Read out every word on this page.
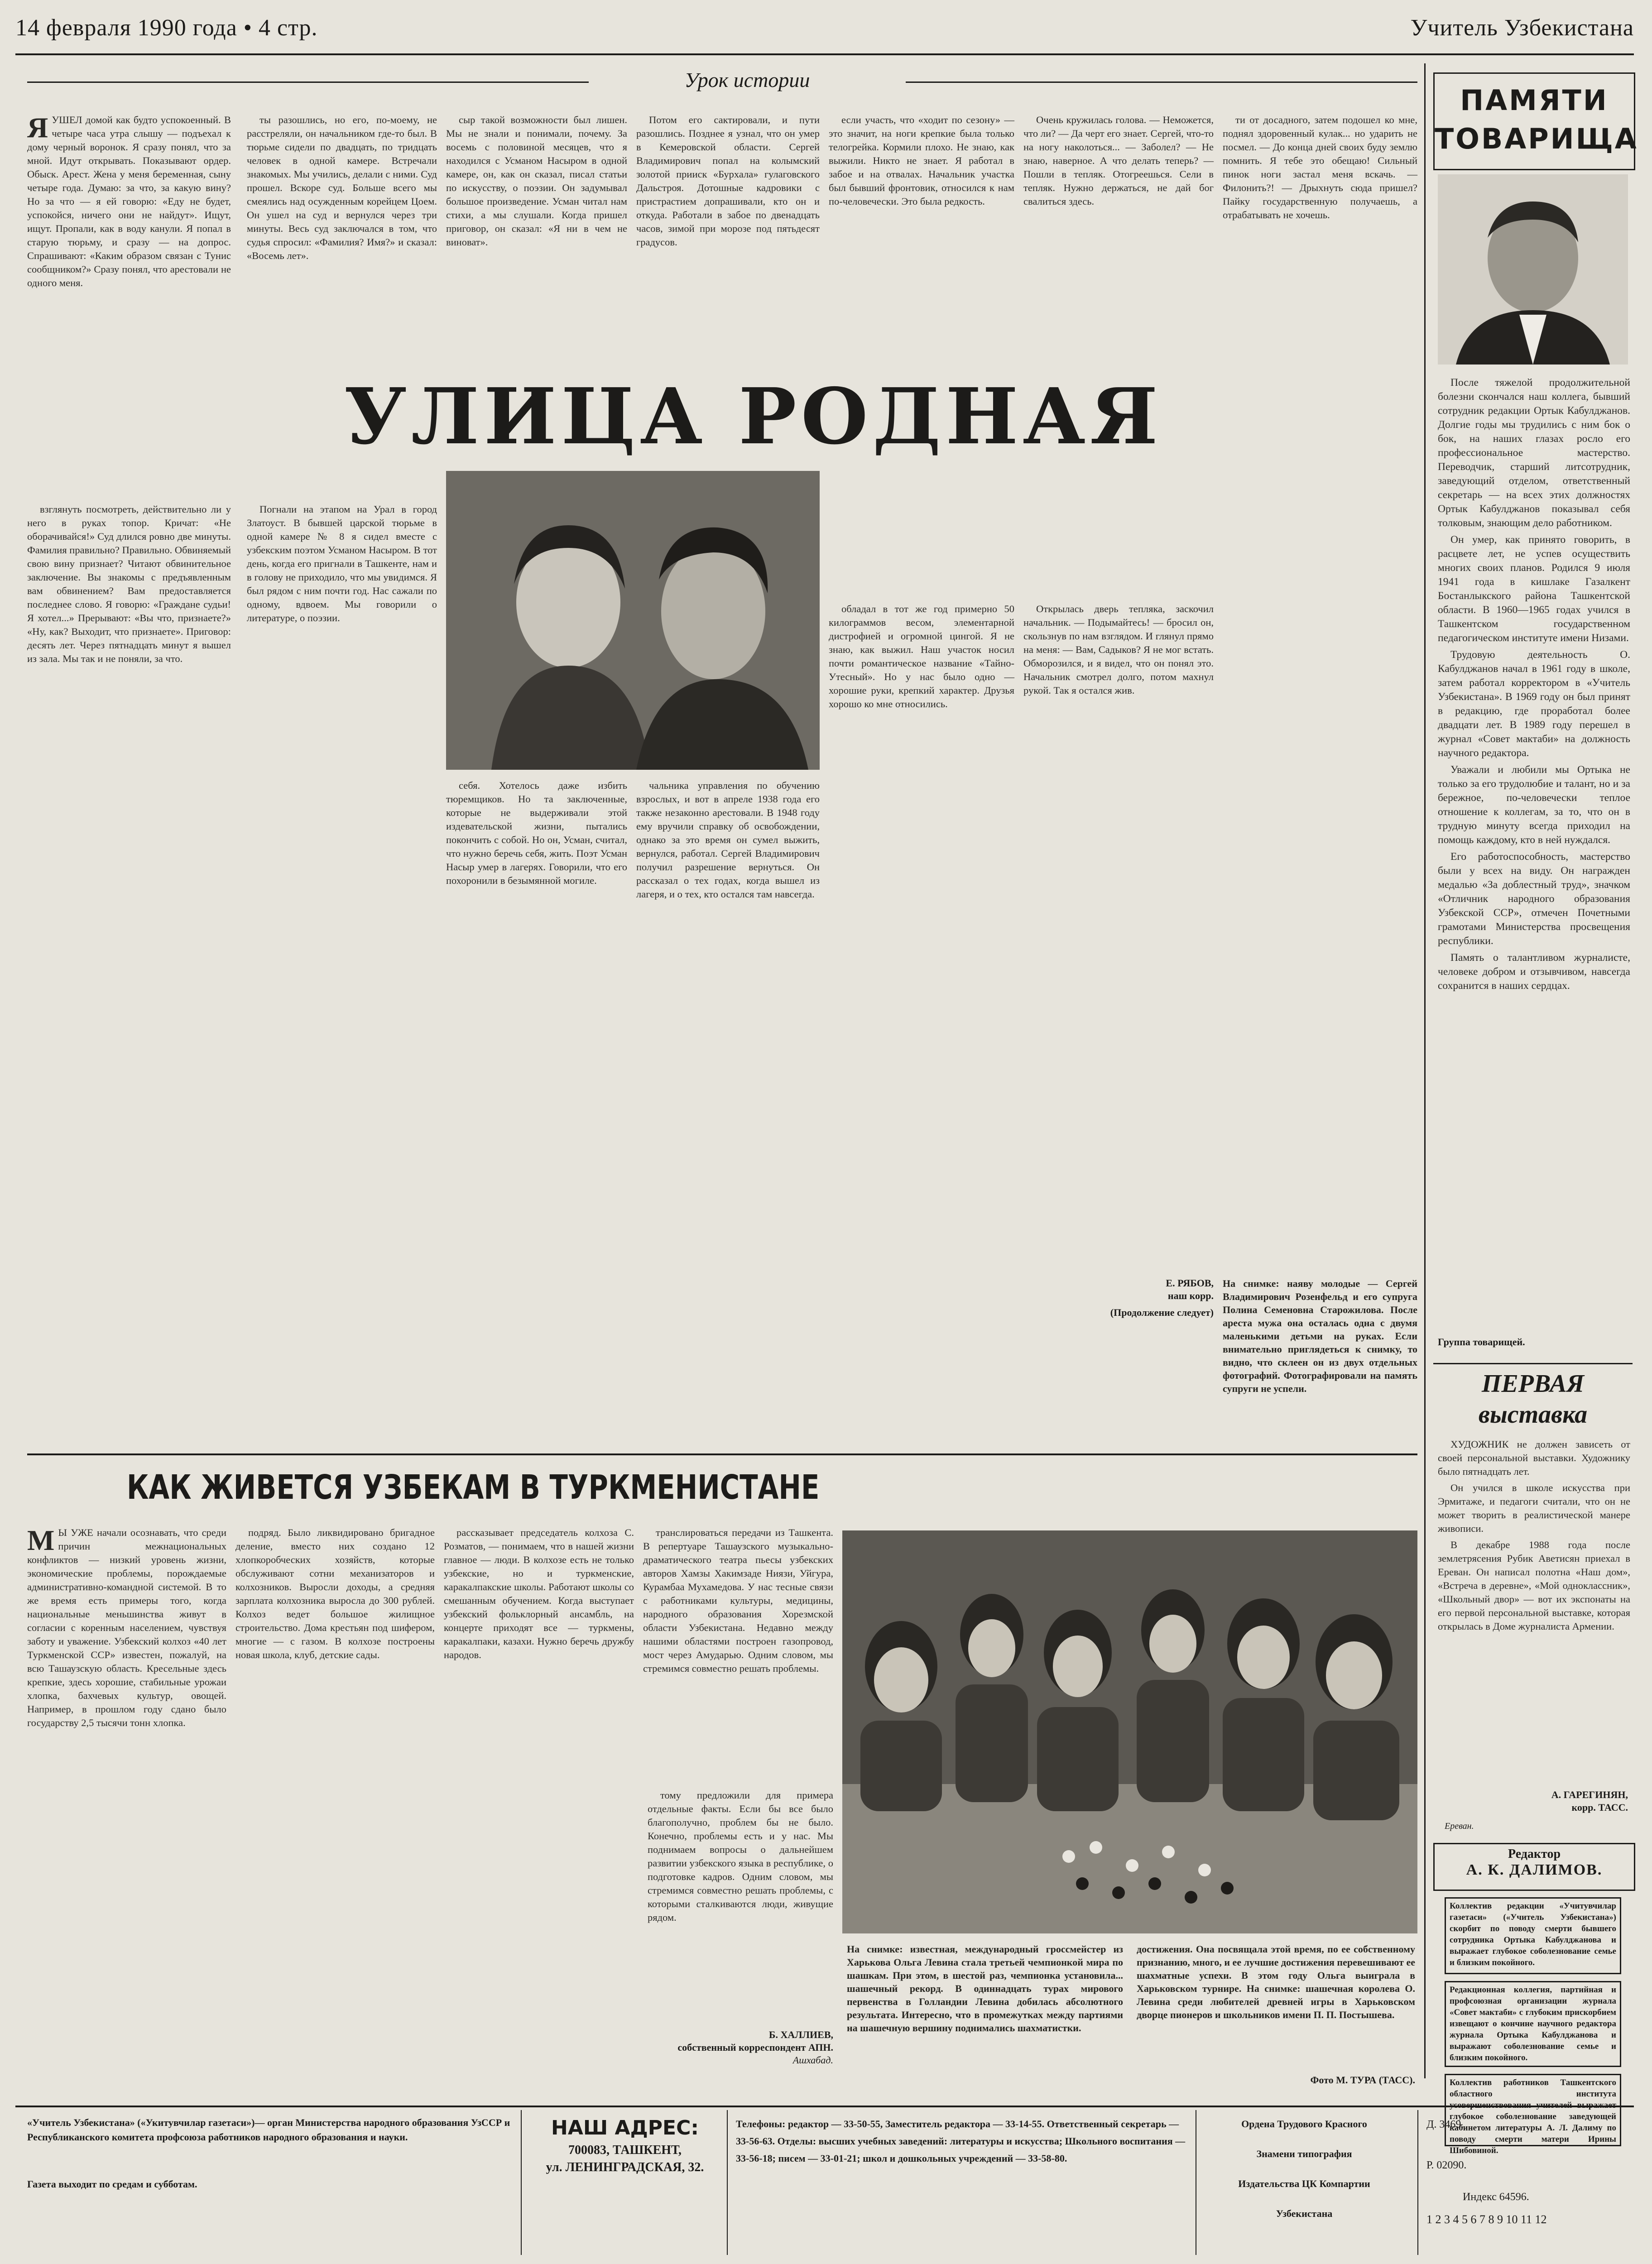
14 февраля 1990 года • 4 стр.	Учитель Узбекистана
Урок истории

ЯУШЕЛ домой как будто успокоенный. В четыре часа утра слышу — подъехал к дому черный воронок. Я сразу понял, что за мной. Идут открывать. Показывают ордер. Обыск. Арест. Жена у меня беременная, сыну четыре года. Думаю: за что, за какую вину? Но за что — я ей говорю: «Еду не будет, успокойся, ничего они не найдут». Ищут, ищут. Пропали, как в воду канули. Я попал в старую тюрьму, и сразу — на допрос. Спрашивают: «Каким образом связан с Тунис сообщником?» Сразу понял, что арестовали не одного меня.

ты разошлись, но его, по-моему, не расстреляли, он начальником где-то был. В тюрьме сидели по двадцать, по тридцать человек в одной камере. Встречали знакомых. Мы учились, делали с ними. Суд прошел. Вскоре суд. Больше всего мы смеялись над осужденным корейцем Цоем. Он ушел на суд и вернулся через три минуты. Весь суд заключался в том, что судья спросил: «Фамилия? Имя?» и сказал: «Восемь лет».

сыр такой возможности был лишен. Мы не знали и понимали, почему. За восемь с половиной месяцев, что я находился с Усманом Насыром в одной камере, он, как он сказал, писал статьи по искусству, о поэзии. Он задумывал большое произведение. Усман читал нам стихи, а мы слушали. Когда пришел приговор, он сказал: «Я ни в чем не виноват».

Потом его сактировали, и пути разошлись. Позднее я узнал, что он умер в Кемеровской области. Сергей Владимирович попал на колымский золотой прииск «Бурхала» гулаговского Дальстроя. Дотошные кадровики с пристрастием допрашивали, кто он и откуда. Работали в забое по двенадцать часов, зимой при морозе под пятьдесят градусов.

если участь, что «ходит по сезону» — это значит, на ноги крепкие была только телогрейка. Кормили плохо. Не знаю, как выжили. Никто не знает. Я работал в забое и на отвалах. Начальник участка был бывший фронтовик, относился к нам по-человечески. Это была редкость.

Очень кружилась голова. — Неможется, что ли? — Да черт его знает. Сергей, что-то на ногу наколоться... — Заболел? — Не знаю, наверное. А что делать теперь? — Пошли в тепляк. Отогреешься. Сели в тепляк. Нужно держаться, не дай бог свалиться здесь.

ти от досадного, затем подошел ко мне, поднял здоровенный кулак... но ударить не посмел. — До конца дней своих буду землю помнить. Я тебе это обещаю! Сильный пинок ноги застал меня вскачь. — Филонить?! — Дрыхнуть сюда пришел? Пайку государственную получаешь, а отрабатывать не хочешь.

УЛИЦА РОДНАЯ

взглянуть посмотреть, действительно ли у него в руках топор. Кричат: «Не оборачивайся!» Суд длился ровно две минуты. Фамилия правильно? Правильно. Обвиняемый свою вину признает? Читают обвинительное заключение. Вы знакомы с предъявленным вам обвинением? Вам предоставляется последнее слово. Я говорю: «Граждане судьи! Я хотел...» Прерывают: «Вы что, признаете?» «Ну, как? Выходит, что признаете». Приговор: десять лет. Через пятнадцать минут я вышел из зала. Мы так и не поняли, за что.

Погнали на этапом на Урал в город Златоуст. В бывшей царской тюрьме в одной камере № 8 я сидел вместе с узбекским поэтом Усманом Насыром. В тот день, когда его пригнали в Ташкенте, нам и в голову не приходило, что мы увидимся. Я был рядом с ним почти год. Нас сажали по одному, вдвоем. Мы говорили о литературе, о поэзии.

себя. Хотелось даже избить тюремщиков. Но та заключенные, которые не выдерживали этой издевательской жизни, пытались покончить с собой. Но он, Усман, считал, что нужно беречь себя, жить. Поэт Усман Насыр умер в лагерях. Говорили, что его похоронили в безымянной могиле.

чальника управления по обучению взрослых, и вот в апреле 1938 года его также незаконно арестовали. В 1948 году ему вручили справку об освобождении, однако за это время он сумел выжить, вернулся, работал. Сергей Владимирович получил разрешение вернуться. Он рассказал о тех годах, когда вышел из лагеря, и о тех, кто остался там навсегда.

обладал в тот же год примерно 50 килограммов весом, элементарной дистрофией и огромной цингой. Я не знаю, как выжил. Наш участок носил почти романтическое название «Тайно-Утесный». Но у нас было одно — хорошие руки, крепкий характер. Друзья хорошо ко мне относились.

Открылась дверь тепляка, заскочил начальник. — Подымайтесь! — бросил он, скользнув по нам взглядом. И глянул прямо на меня: — Вам, Садыков? Я не мог встать. Обморозился, и я видел, что он понял это. Начальник смотрел долго, потом махнул рукой. Так я остался жив.

Е. РЯБОВ,
наш корр.
(Продолжение следует)
На снимке: наяву молодые — Сергей Владимирович Розенфельд и его супруга Полина Семеновна Старожилова. После ареста мужа она осталась одна с двумя маленькими детьми на руках. Если внимательно приглядеться к снимку, то видно, что склеен он из двух отдельных фотографий. Фотографировали на память супруги не успели.
ПАМЯТИ
ТОВАРИЩА

После тяжелой продолжительной болезни скончался наш коллега, бывший сотрудник редакции Ортык Кабулджанов. Долгие годы мы трудились с ним бок о бок, на наших глазах росло его профессиональное мастерство. Переводчик, старший литсотрудник, заведующий отделом, ответственный секретарь — на всех этих должностях Ортык Кабулджанов показывал себя толковым, знающим дело работником.

Он умер, как принято говорить, в расцвете лет, не успев осуществить многих своих планов. Родился 9 июля 1941 года в кишлаке Газалкент Бостанлыкского района Ташкентской области. В 1960—1965 годах учился в Ташкентском государственном педагогическом институте имени Низами.

Трудовую деятельность О. Кабулджанов начал в 1961 году в школе, затем работал корректором в «Учитель Узбекистана». В 1969 году он был принят в редакцию, где проработал более двадцати лет. В 1989 году перешел в журнал «Совет мактаби» на должность научного редактора.

Уважали и любили мы Ортыка не только за его трудолюбие и талант, но и за бережное, по-человечески теплое отношение к коллегам, за то, что он в трудную минуту всегда приходил на помощь каждому, кто в ней нуждался.

Его работоспособность, мастерство были у всех на виду. Он награжден медалью «За доблестный труд», значком «Отличник народного образования Узбекской ССР», отмечен Почетными грамотами Министерства просвещения республики.

Память о талантливом журналисте, человеке добром и отзывчивом, навсегда сохранится в наших сердцах.

Группа товарищей.
ПЕРВАЯ
выставка

ХУДОЖНИК не должен зависеть от своей персональной выставки. Художнику было пятнадцать лет.

Он учился в школе искусства при Эрмитаже, и педагоги считали, что он не может творить в реалистической манере живописи.

В декабре 1988 года после землетрясения Рубик Аветисян приехал в Ереван. Он написал полотна «Наш дом», «Встреча в деревне», «Мой одноклассник», «Школьный двор» — вот их экспонаты на его первой персональной выставке, которая открылась в Доме журналиста Армении.

А. ГАРЕГИНЯН,
корр. ТАСС.
Ереван.
Редактор
А. К. ДАЛИМОВ.
Коллектив редакции «Учитувчилар газетаси» («Учитель Узбекистана») скорбит по поводу смерти бывшего сотрудника Ортыка Кабулджанова и выражает глубокое соболезнование семье и близким покойного.
Редакционная коллегия, партийная и профсоюзная организации журнала «Совет мактаби» с глубоким прискорбием извещают о кончине научного редактора журнала Ортыка Кабулджанова и выражают соболезнование семье и близким покойного.
Коллектив работников Ташкентского областного института глубокое соболезнование заведующей кабинетом литературы А. Л. Далиму по поводу смерти матери Ирины Шибовиной.
КАК ЖИВЕТСЯ УЗБЕКАМ В ТУРКМЕНИСТАНЕ

М Ы УЖЕ начали осознавать, что среди причин межнациональных конфликтов — низкий уровень жизни, экономические проблемы, порождаемые административно-командной системой. В то же время есть примеры того, когда национальные меньшинства живут в согласии с коренным населением, чувствуя заботу и уважение. Узбекский колхоз «40 лет Туркменской ССР» известен, пожалуй, на всю Ташаузскую область. Кресельные здесь крепкие, здесь хорошие, стабильные урожаи хлопка, бахчевых культур, овощей. Например, в прошлом году сдано было государству 2,5 тысячи тонн хлопка.

подряд. Было ликвидировано бригадное деление, вместо них создано 12 хлопкоробческих хозяйств, которые обслуживают сотни механизаторов и колхозников. Выросли доходы, а средняя зарплата колхозника выросла до 300 рублей. Колхоз ведет большое жилищное строительство. Дома крестьян под шифером, многие — с газом. В колхозе построены новая школа, клуб, детские сады.

рассказывает председатель колхоза С. Розматов, — понимаем, что в нашей жизни главное — люди. В колхозе есть не только узбекские, но и туркменские, каракалпакские школы. Работают школы со смешанным обучением. Когда выступает узбекский фольклорный ансамбль, на концерте приходят все — туркмены, каракалпаки, казахи. Нужно беречь дружбу народов.

транслироваться передачи из Ташкента. В репертуаре Ташаузского музыкально-драматического театра пьесы узбекских авторов Хамзы Хакимзаде Ниязи, Уйгура, Курамбаа Мухамедова. У нас тесные связи с работниками культуры, медицины, народного образования Хорезмской области Узбекистана. Недавно между нашими областями построен газопровод, мост через Амударью. Одним словом, мы стремимся совместно решать проблемы.

тому предложили для примера отдельные факты. Если бы все было благополучно, проблем бы не было. Конечно, проблемы есть и у нас. Мы поднимаем вопросы о дальнейшем развитии узбекского языка в республике, о подготовке кадров. Одним словом, мы стремимся совместно решать проблемы, с которыми сталкиваются люди, живущие рядом.

Б. ХАЛЛИЕВ,
собственный корреспондент АПН.
Ашхабад.
На снимке: известная, международный гроссмейстер из Харькова Ольга Левина стала третьей чемпионкой мира по шашкам. При этом, в шестой раз, чемпионка установила... шашечный рекорд. В одиннадцать турах мирового первенства в Голландии Левина добилась абсолютного результата. Интересно, что в промежутках между партиями на шашечную вершину поднимались шахматистки.
достижения. Она посвящала этой время, по ее собственному признанию, много, и ее лучшие достижения перевешивают ее шахматные успехи. В этом году Ольга выиграла в Харьковском турнире. На снимке: шашечная королева О. Левина среди любителей древней игры в Харьковском дворце пионеров и школьников имени П. П. Постышева.
Фото М. ТУРА (ТАСС).
«Учитель Узбекистана» («Укитувчилар газетаси»)— орган Министерства народного образования УзССР и Республиканского комитета профсоюза работников народного образования и науки.
Газета выходит по средам и субботам.
НАШ АДРЕС:
700083, ТАШКЕНТ,
ул. ЛЕНИНГРАДСКАЯ, 32.
Телефоны: редактор — 33-50-55, Заместитель редактора — 33-14-55. Ответственный секретарь — 33-56-63. Отделы: высших учебных заведений: литературы и искусства; Школьного воспитания — 33-56-18; писем — 33-01-21; школ и дошкольных учреждений — 33-58-80.
Ордена Трудового Красного
Знамени типография
Издательства ЦК Компартии
Узбекистана
Д. 3469.
Р. 02090.
Индекс 64596.
1 2 3 4 5 6 7 8 9 10 11 12
